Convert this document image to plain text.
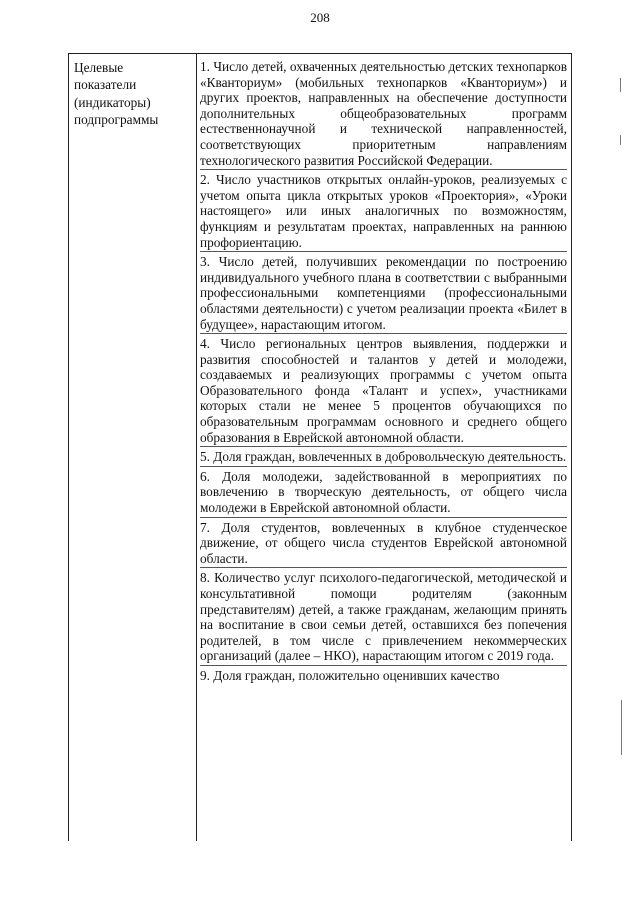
208
Целевые
показатели
(индикаторы)
подпрограммы
1. Число детей, охваченных деятельностью детских технопарков «Кванториум» (мобильных технопарков «Кванториум») и других проектов, направленных на обеспечение доступности дополнительных общеобразовательных программ естественнонаучной и технической направленностей, соответствующих приоритетным направлениям технологического развития Российской Федерации.
2. Число участников открытых онлайн-уроков, реализуемых с учетом опыта цикла открытых уроков «Проектория», «Уроки настоящего» или иных аналогичных по возможностям, функциям и результатам проектах, направленных на раннюю профориентацию.
3. Число детей, получивших рекомендации по построению индивидуального учебного плана в соответствии с выбранными профессиональными компетенциями (профессиональными областями деятельности) с учетом реализации проекта «Билет в будущее», нарастающим итогом.
4. Число региональных центров выявления, поддержки и развития способностей и талантов у детей и молодежи, создаваемых и реализующих программы с учетом опыта Образовательного фонда «Талант и успех», участниками которых стали не менее 5 процентов обучающихся по образовательным программам основного и среднего общего образования в Еврейской автономной области.
5. Доля граждан, вовлеченных в добровольческую деятельность.
6. Доля молодежи, задействованной в мероприятиях по вовлечению в творческую деятельность, от общего числа молодежи в Еврейской автономной области.
7. Доля студентов, вовлеченных в клубное студенческое движение, от общего числа студентов Еврейской автономной области.
8. Количество услуг психолого-педагогической, методической и консультативной помощи родителям (законным представителям) детей, а также гражданам, желающим принять на воспитание в свои семьи детей, оставшихся без попечения родителей, в том числе с привлечением некоммерческих организаций (далее – НКО), нарастающим итогом с 2019 года.
9. Доля граждан, положительно оценивших качество
